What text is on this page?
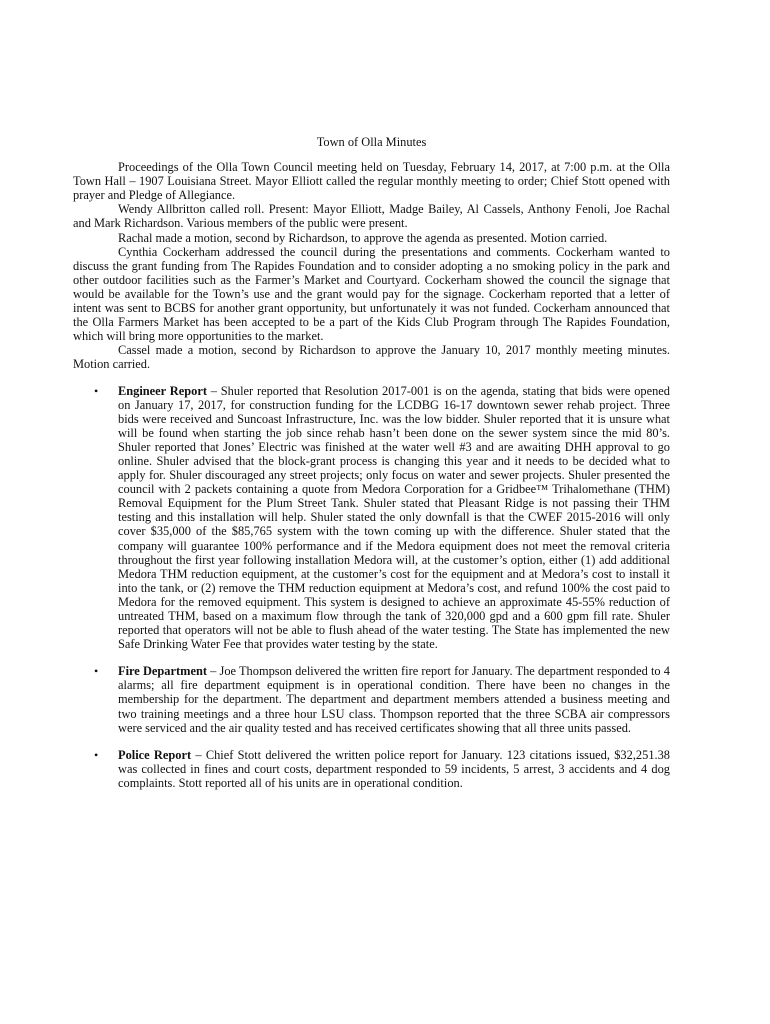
Town of Olla Minutes

Proceedings of the Olla Town Council meeting held on Tuesday, February 14, 2017, at 7:00 p.m. at the Olla Town Hall – 1907 Louisiana Street. Mayor Elliott called the regular monthly meeting to order; Chief Stott opened with prayer and Pledge of Allegiance.

Wendy Allbritton called roll. Present: Mayor Elliott, Madge Bailey, Al Cassels, Anthony Fenoli, Joe Rachal and Mark Richardson. Various members of the public were present.

Rachal made a motion, second by Richardson, to approve the agenda as presented. Motion carried.

Cynthia Cockerham addressed the council during the presentations and comments. Cockerham wanted to discuss the grant funding from The Rapides Foundation and to consider adopting a no smoking policy in the park and other outdoor facilities such as the Farmer’s Market and Courtyard. Cockerham showed the council the signage that would be available for the Town’s use and the grant would pay for the signage. Cockerham reported that a letter of intent was sent to BCBS for another grant opportunity, but unfortunately it was not funded. Cockerham announced that the Olla Farmers Market has been accepted to be a part of the Kids Club Program through The Rapides Foundation, which will bring more opportunities to the market.

Cassel made a motion, second by Richardson to approve the January 10, 2017 monthly meeting minutes. Motion carried.

• Engineer Report – Shuler reported that Resolution 2017-001 is on the agenda, stating that bids were opened on January 17, 2017, for construction funding for the LCDBG 16-17 downtown sewer rehab project. Three bids were received and Suncoast Infrastructure, Inc. was the low bidder. Shuler reported that it is unsure what will be found when starting the job since rehab hasn’t been done on the sewer system since the mid 80’s. Shuler reported that Jones’ Electric was finished at the water well #3 and are awaiting DHH approval to go online. Shuler advised that the block-grant process is changing this year and it needs to be decided what to apply for. Shuler discouraged any street projects; only focus on water and sewer projects. Shuler presented the council with 2 packets containing a quote from Medora Corporation for a Gridbee™ Trihalomethane (THM) Removal Equipment for the Plum Street Tank. Shuler stated that Pleasant Ridge is not passing their THM testing and this installation will help. Shuler stated the only downfall is that the CWEF 2015-2016 will only cover $35,000 of the $85,765 system with the town coming up with the difference. Shuler stated that the company will guarantee 100% performance and if the Medora equipment does not meet the removal criteria throughout the first year following installation Medora will, at the customer’s option, either (1) add additional Medora THM reduction equipment, at the customer’s cost for the equipment and at Medora’s cost to install it into the tank, or (2) remove the THM reduction equipment at Medora’s cost, and refund 100% the cost paid to Medora for the removed equipment. This system is designed to achieve an approximate 45-55% reduction of untreated THM, based on a maximum flow through the tank of 320,000 gpd and a 600 gpm fill rate. Shuler reported that operators will not be able to flush ahead of the water testing. The State has implemented the new Safe Drinking Water Fee that provides water testing by the state.
• Fire Department – Joe Thompson delivered the written fire report for January. The department responded to 4 alarms; all fire department equipment is in operational condition. There have been no changes in the membership for the department. The department and department members attended a business meeting and two training meetings and a three hour LSU class. Thompson reported that the three SCBA air compressors were serviced and the air quality tested and has received certificates showing that all three units passed.
• Police Report – Chief Stott delivered the written police report for January. 123 citations issued, $32,251.38 was collected in fines and court costs, department responded to 59 incidents, 5 arrest, 3 accidents and 4 dog complaints. Stott reported all of his units are in operational condition.
